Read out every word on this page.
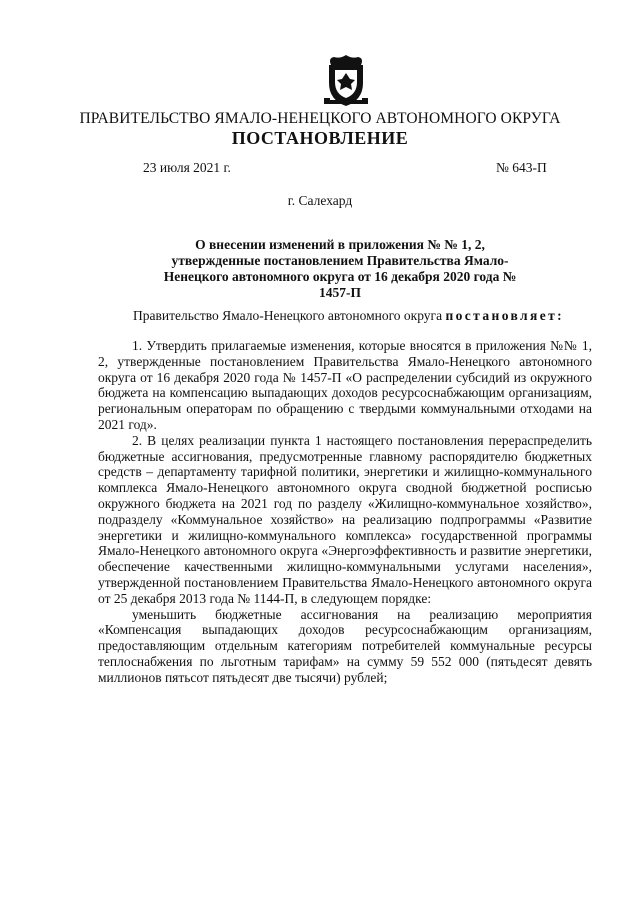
ПРАВИТЕЛЬСТВО ЯМАЛО-НЕНЕЦКОГО АВТОНОМНОГО ОКРУГА
ПОСТАНОВЛЕНИЕ
23 июля 2021 г.	№ 643-П
г. Салехард
О внесении изменений в приложения № № 1, 2, утвержденные постановлением Правительства Ямало-Ненецкого автономного округа от 16 декабря 2020 года № 1457-П
Правительство Ямало-Ненецкого автономного округа постановляет:

1. Утвердить прилагаемые изменения, которые вносятся в приложения №№ 1, 2, утвержденные постановлением Правительства Ямало-Ненецкого автономного округа от 16 декабря 2020 года № 1457-П «О распределении субсидий из окружного бюджета на компенсацию выпадающих доходов ресурсоснабжающим организациям, региональным операторам по обращению с твердыми коммунальными отходами на 2021 год».

2. В целях реализации пункта 1 настоящего постановления перераспределить бюджетные ассигнования, предусмотренные главному распорядителю бюджетных средств – департаменту тарифной политики, энергетики и жилищно-коммунального комплекса Ямало-Ненецкого автономного округа сводной бюджетной росписью окружного бюджета на 2021 год по разделу «Жилищно-коммунальное хозяйство», подразделу «Коммунальное хозяйство» на реализацию подпрограммы «Развитие энергетики и жилищно-коммунального комплекса» государственной программы Ямало-Ненецкого автономного округа «Энергоэффективность и развитие энергетики, обеспечение качественными жилищно-коммунальными услугами населения», утвержденной постановлением Правительства Ямало-Ненецкого автономного округа от 25 декабря 2013 года № 1144-П, в следующем порядке:

уменьшить бюджетные ассигнования на реализацию мероприятия «Компенсация выпадающих доходов ресурсоснабжающим организациям, предоставляющим отдельным категориям потребителей коммунальные ресурсы теплоснабжения по льготным тарифам» на сумму 59 552 000 (пятьдесят девять миллионов пятьсот пятьдесят две тысячи) рублей;
